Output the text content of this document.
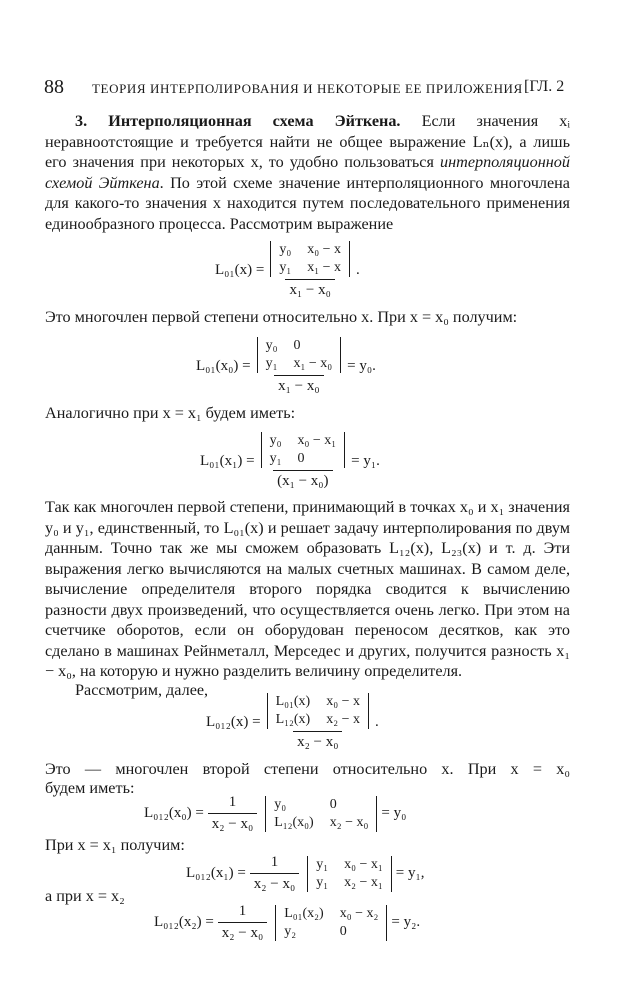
88 ТЕОРИЯ ИНТЕРПОЛИРОВАНИЯ И НЕКОТОРЫЕ ЕЕ ПРИЛОЖЕНИЯ [ГЛ. 2
3. Интерполяционная схема Эйткена. Если значения xᵢ неравноотстоящие и требуется найти не общее выражение Lₙ(x), а лишь его значения при некоторых x, то удобно пользоваться интерполяционной схемой Эйткена. По этой схеме значение интерполяционного многочлена для какого-то значения x находится путем последовательного применения единообразного процесса. Рассмотрим выражение
L₀₁(x) = y₀ x₀ − x
y₁ x₁ − x
x₁ − x₀ .
Это многочлен первой степени относительно x. При x = x₀ получим:
L₀₁(x₀) = y₀ 0
y₁ x₁ − x₀
x₁ − x₀ = y₀.
Аналогично при x = x₁ будем иметь:
L₀₁(x₁) = y₀ x₀ − x₁
y₁ 0
(x₁ − x₀) = y₁.
Так как многочлен первой степени, принимающий в точках x₀ и x₁ значения y₀ и y₁, единственный, то L₀₁(x) и решает задачу интерполирования по двум данным. Точно так же мы сможем образовать L₁₂(x), L₂₃(x) и т. д. Эти выражения легко вычисляются на малых счетных машинах. В самом деле, вычисление определителя второго порядка сводится к вычислению разности двух произведений, что осуществляется очень легко. При этом на счетчике оборотов, если он оборудован переносом десятков, как это сделано в машинах Рейнметалл, Мерседес и других, получится разность x₁ − x₀, на которую и нужно разделить величину определителя.
Рассмотрим, далее,
L₀₁₂(x) = L₀₁(x) x₀ − x
L₁₂(x) x₂ − x
x₂ − x₀ .
Это — многочлен второй степени относительно x. При x = x₀
будем иметь:
$L_{012}(x_0) = \frac{1}{\text{x₂ − x₀}} y_0$	0
L₁₂(x₀) x₂ − x₀
= y₀
При x = x₁ получим:
$L_{012}(x_1) = \frac{1}{\text{x₂ − x₀}} y_1$ x₀ − x₁
y₁ x₂ − x₁
= y₁,
а при x = x₂
$L_{012}(x_2) = \frac{1}{\text{x₂ − x₀}} L_{01}(x_2) x_0 - x_2$
y₂	0
= y₂.
